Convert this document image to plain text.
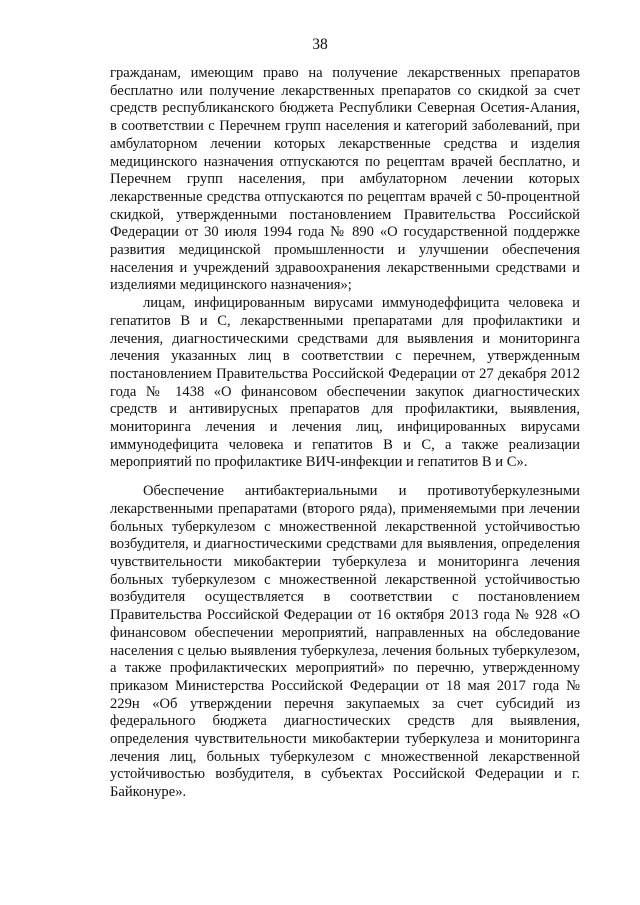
38

гражданам, имеющим право на получение лекарственных препаратов бесплатно или получение лекарственных препаратов со скидкой за счет средств республиканского бюджета Республики Северная Осетия-Алания, в соответствии с Перечнем групп населения и категорий заболеваний, при амбулаторном лечении которых лекарственные средства и изделия медицинского назначения отпускаются по рецептам врачей бесплатно, и Перечнем групп населения, при амбулаторном лечении которых лекарственные средства отпускаются по рецептам врачей с 50-процентной скидкой, утвержденными постановлением Правительства Российской Федерации от 30 июля 1994 года № 890 «О государственной поддержке развития медицинской промышленности и улучшении обеспечения населения и учреждений здравоохранения лекарственными средствами и изделиями медицинского назначения»;

лицам, инфицированным вирусами иммунодеффицита человека и гепатитов B и C, лекарственными препаратами для профилактики и лечения, диагностическими средствами для выявления и мониторинга лечения указанных лиц в соответствии с перечнем, утвержденным постановлением Правительства Российской Федерации от 27 декабря 2012 года № 1438 «О финансовом обеспечении закупок диагностических средств и антивирусных препаратов для профилактики, выявления, мониторинга лечения и лечения лиц, инфицированных вирусами иммунодефицита человека и гепатитов B и C, а также реализации мероприятий по профилактике ВИЧ-инфекции и гепатитов B и C».

Обеспечение антибактериальными и противотуберкулезными лекарственными препаратами (второго ряда), применяемыми при лечении больных туберкулезом с множественной лекарственной устойчивостью возбудителя, и диагностическими средствами для выявления, определения чувствительности микобактерии туберкулеза и мониторинга лечения больных туберкулезом с множественной лекарственной устойчивостью возбудителя осуществляется в соответствии с постановлением Правительства Российской Федерации от 16 октября 2013 года № 928 «О финансовом обеспечении мероприятий, направленных на обследование населения с целью выявления туберкулеза, лечения больных туберкулезом, а также профилактических мероприятий» по перечню, утвержденному приказом Министерства Российской Федерации от 18 мая 2017 года № 229н «Об утверждении перечня закупаемых за счет субсидий из федерального бюджета диагностических средств для выявления, определения чувствительности микобактерии туберкулеза и мониторинга лечения лиц, больных туберкулезом с множественной лекарственной устойчивостью возбудителя, в субъектах Российской Федерации и г. Байконуре».
